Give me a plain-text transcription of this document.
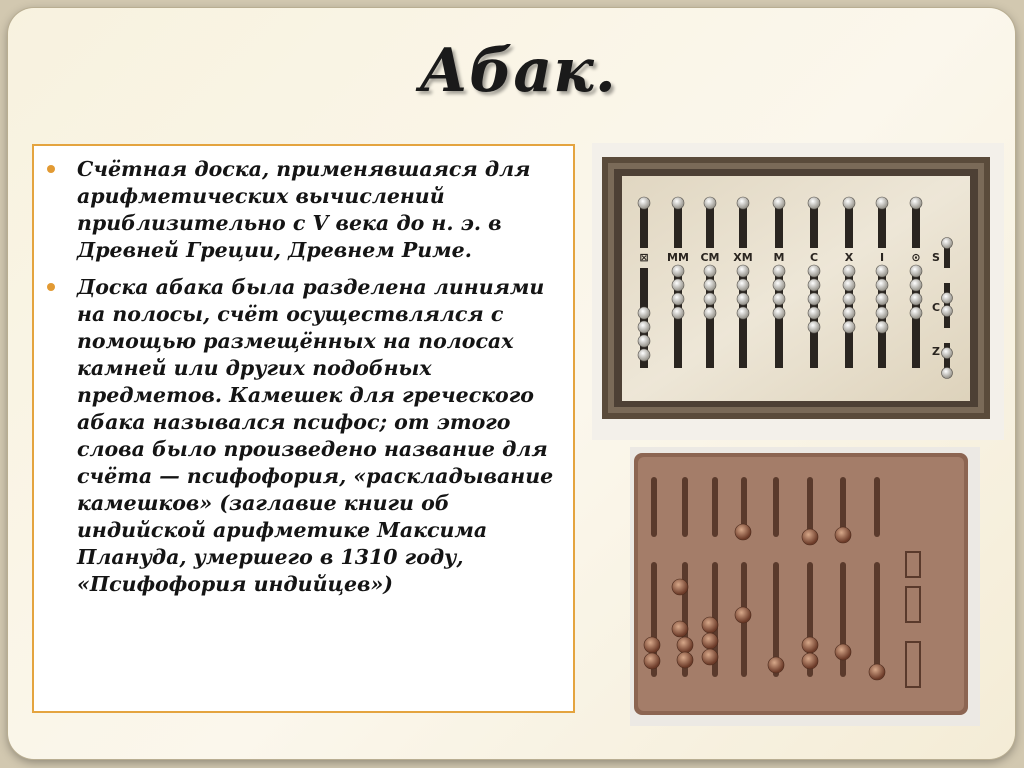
Абак.
Счётная доска, применявшаяся для арифметических вычислений приблизительно с V века до н. э. в Древней Греции, Древнем Риме.
Доска абака была разделена линиями на полосы, счёт осуществлялся с помощью размещённых на полосах камней или других подобных предметов. Камешек для греческого абака назывался псифос; от этого слова было произведено название для счёта — псифофория, «раскладывание камешков» (заглавие книги об индийской арифметике Максима Плануда, умершего в 1310 году, «Псифофория индийцев»)
⊠ MM CM XM M C X I ⊙ S
C
Z
